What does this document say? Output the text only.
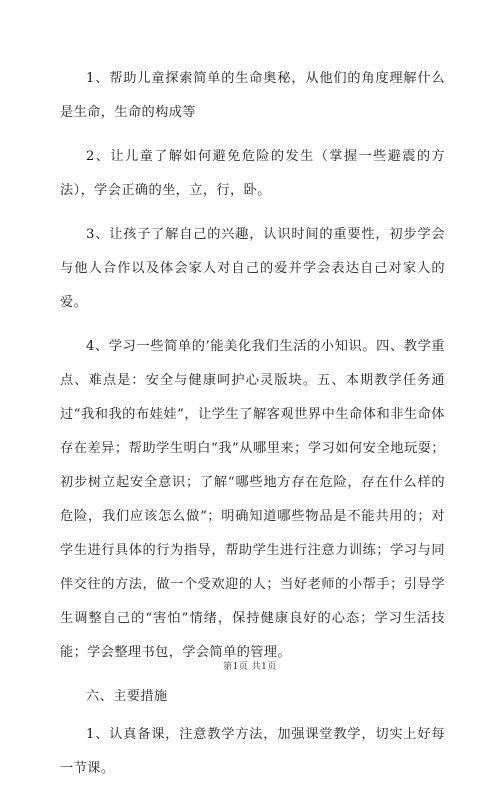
1、帮助儿童探索简单的生命奥秘，从他们的角度理解什么是生命，生命的构成等

2、让儿童了解如何避免危险的发生（掌握一些避震的方法），学会正确的坐，立，行，卧。

3、让孩子了解自己的兴趣，认识时间的重要性，初步学会与他人合作以及体会家人对自己的爱并学会表达自己对家人的爱。

4、学习一些简单的’能美化我们生活的小知识。四、教学重点、难点是：安全与健康呵护心灵版块。五、本期教学任务通过“我和我的布娃娃”，让学生了解客观世界中生命体和非生命体存在差异；帮助学生明白“我”从哪里来；学习如何安全地玩耍；初步树立起安全意识；了解“哪些地方存在危险，存在什么样的危险，我们应该怎么做”；明确知道哪些物品是不能共用的；对学生进行具体的行为指导，帮助学生进行注意力训练；学习与同伴交往的方法，做一个受欢迎的人；当好老师的小帮手；引导学生调整自己的“害怕”情绪，保持健康良好的心态；学习生活技能；学会整理书包，学会简单的管理。

六、主要措施

1、认真备课，注意教学方法，加强课堂教学，切实上好每一节课。

第1页 共1页
